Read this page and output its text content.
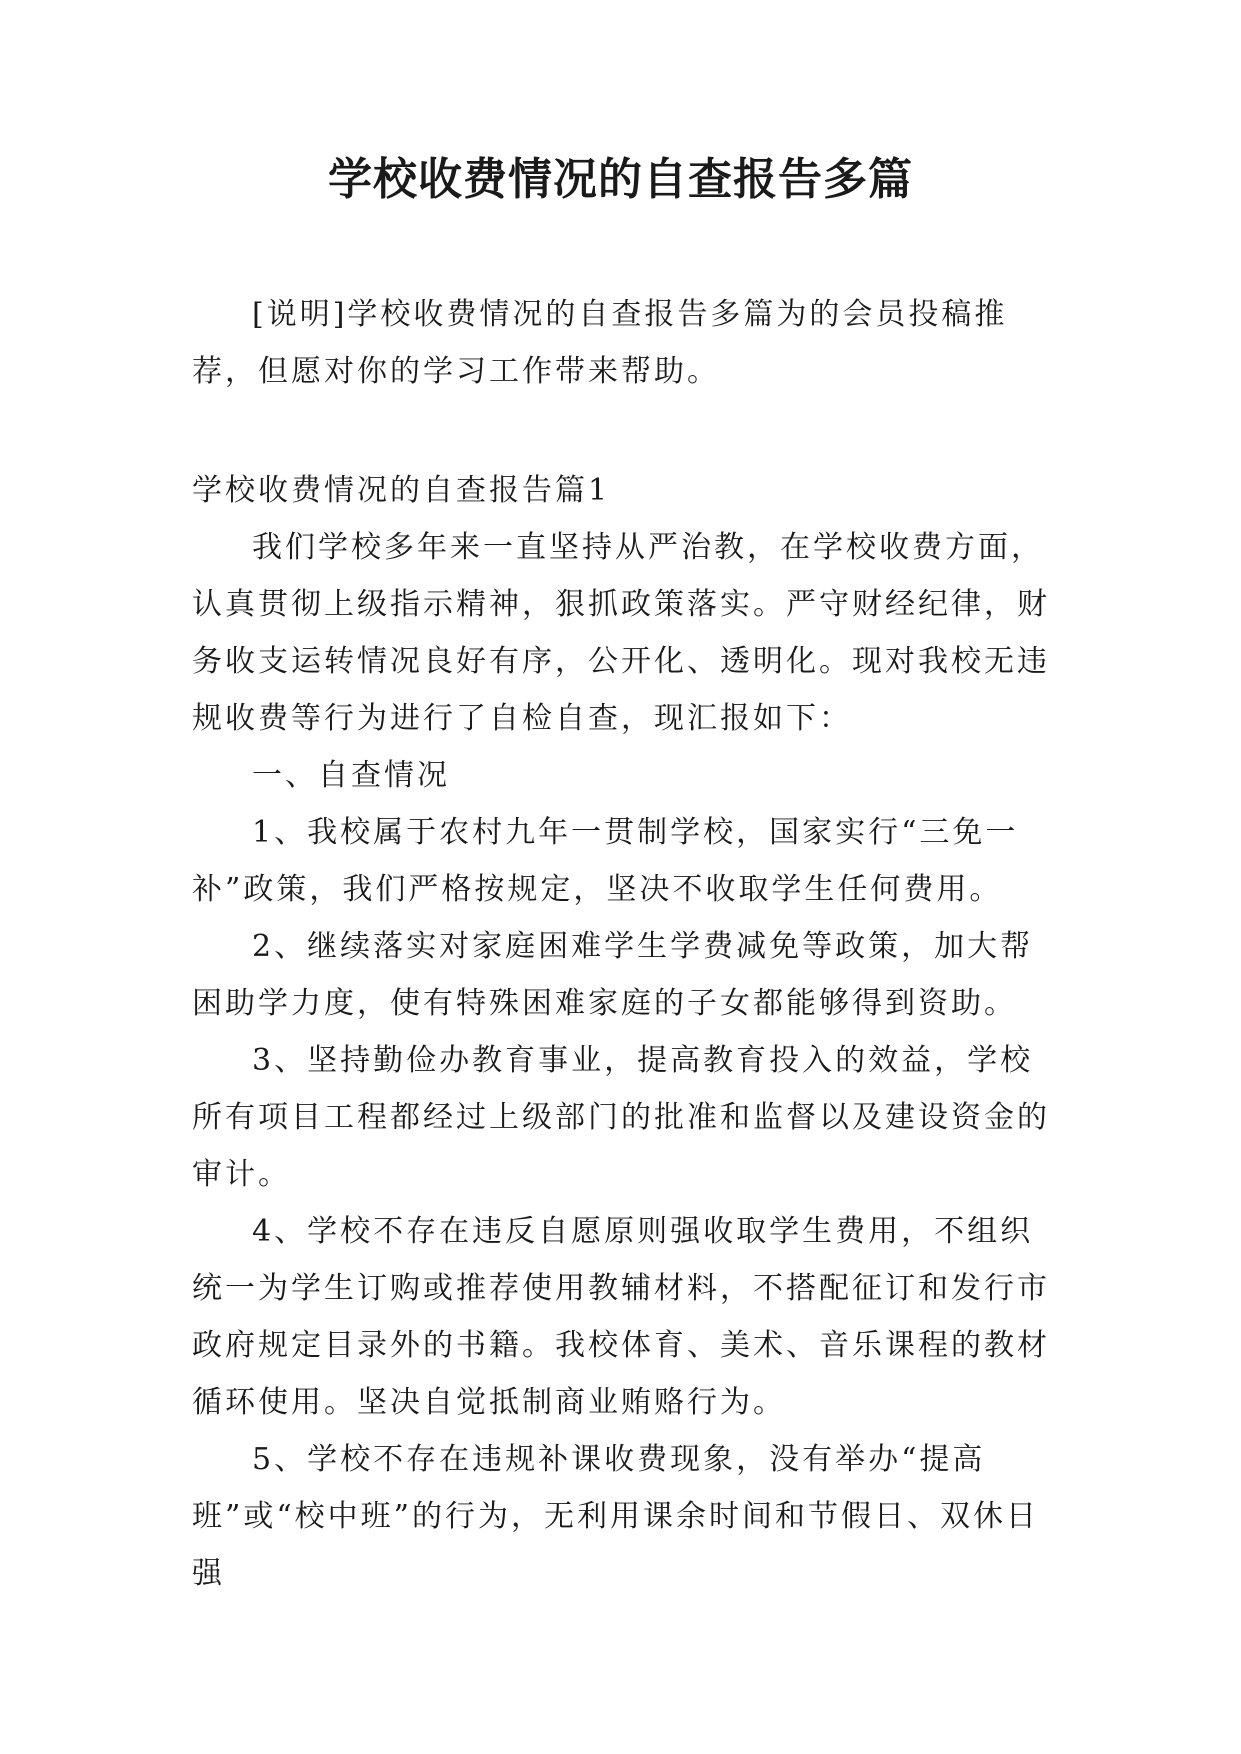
学校收费情况的自查报告多篇

[说明]学校收费情况的自查报告多篇为的会员投稿推荐，但愿对你的学习工作带来帮助。

学校收费情况的自查报告篇1

我们学校多年来一直坚持从严治教，在学校收费方面，认真贯彻上级指示精神，狠抓政策落实。严守财经纪律，财务收支运转情况良好有序，公开化、透明化。现对我校无违规收费等行为进行了自检自查，现汇报如下：

一、自查情况

1、我校属于农村九年一贯制学校，国家实行“三免一补”政策，我们严格按规定，坚决不收取学生任何费用。

2、继续落实对家庭困难学生学费减免等政策，加大帮困助学力度，使有特殊困难家庭的子女都能够得到资助。

3、坚持勤俭办教育事业，提高教育投入的效益，学校所有项目工程都经过上级部门的批准和监督以及建设资金的审计。

4、学校不存在违反自愿原则强收取学生费用，不组织统一为学生订购或推荐使用教辅材料，不搭配征订和发行市政府规定目录外的书籍。我校体育、美术、音乐课程的教材循环使用。坚决自觉抵制商业贿赂行为。

5、学校不存在违规补课收费现象，没有举办“提高班”或“校中班”的行为，无利用课余时间和节假日、双休日强
